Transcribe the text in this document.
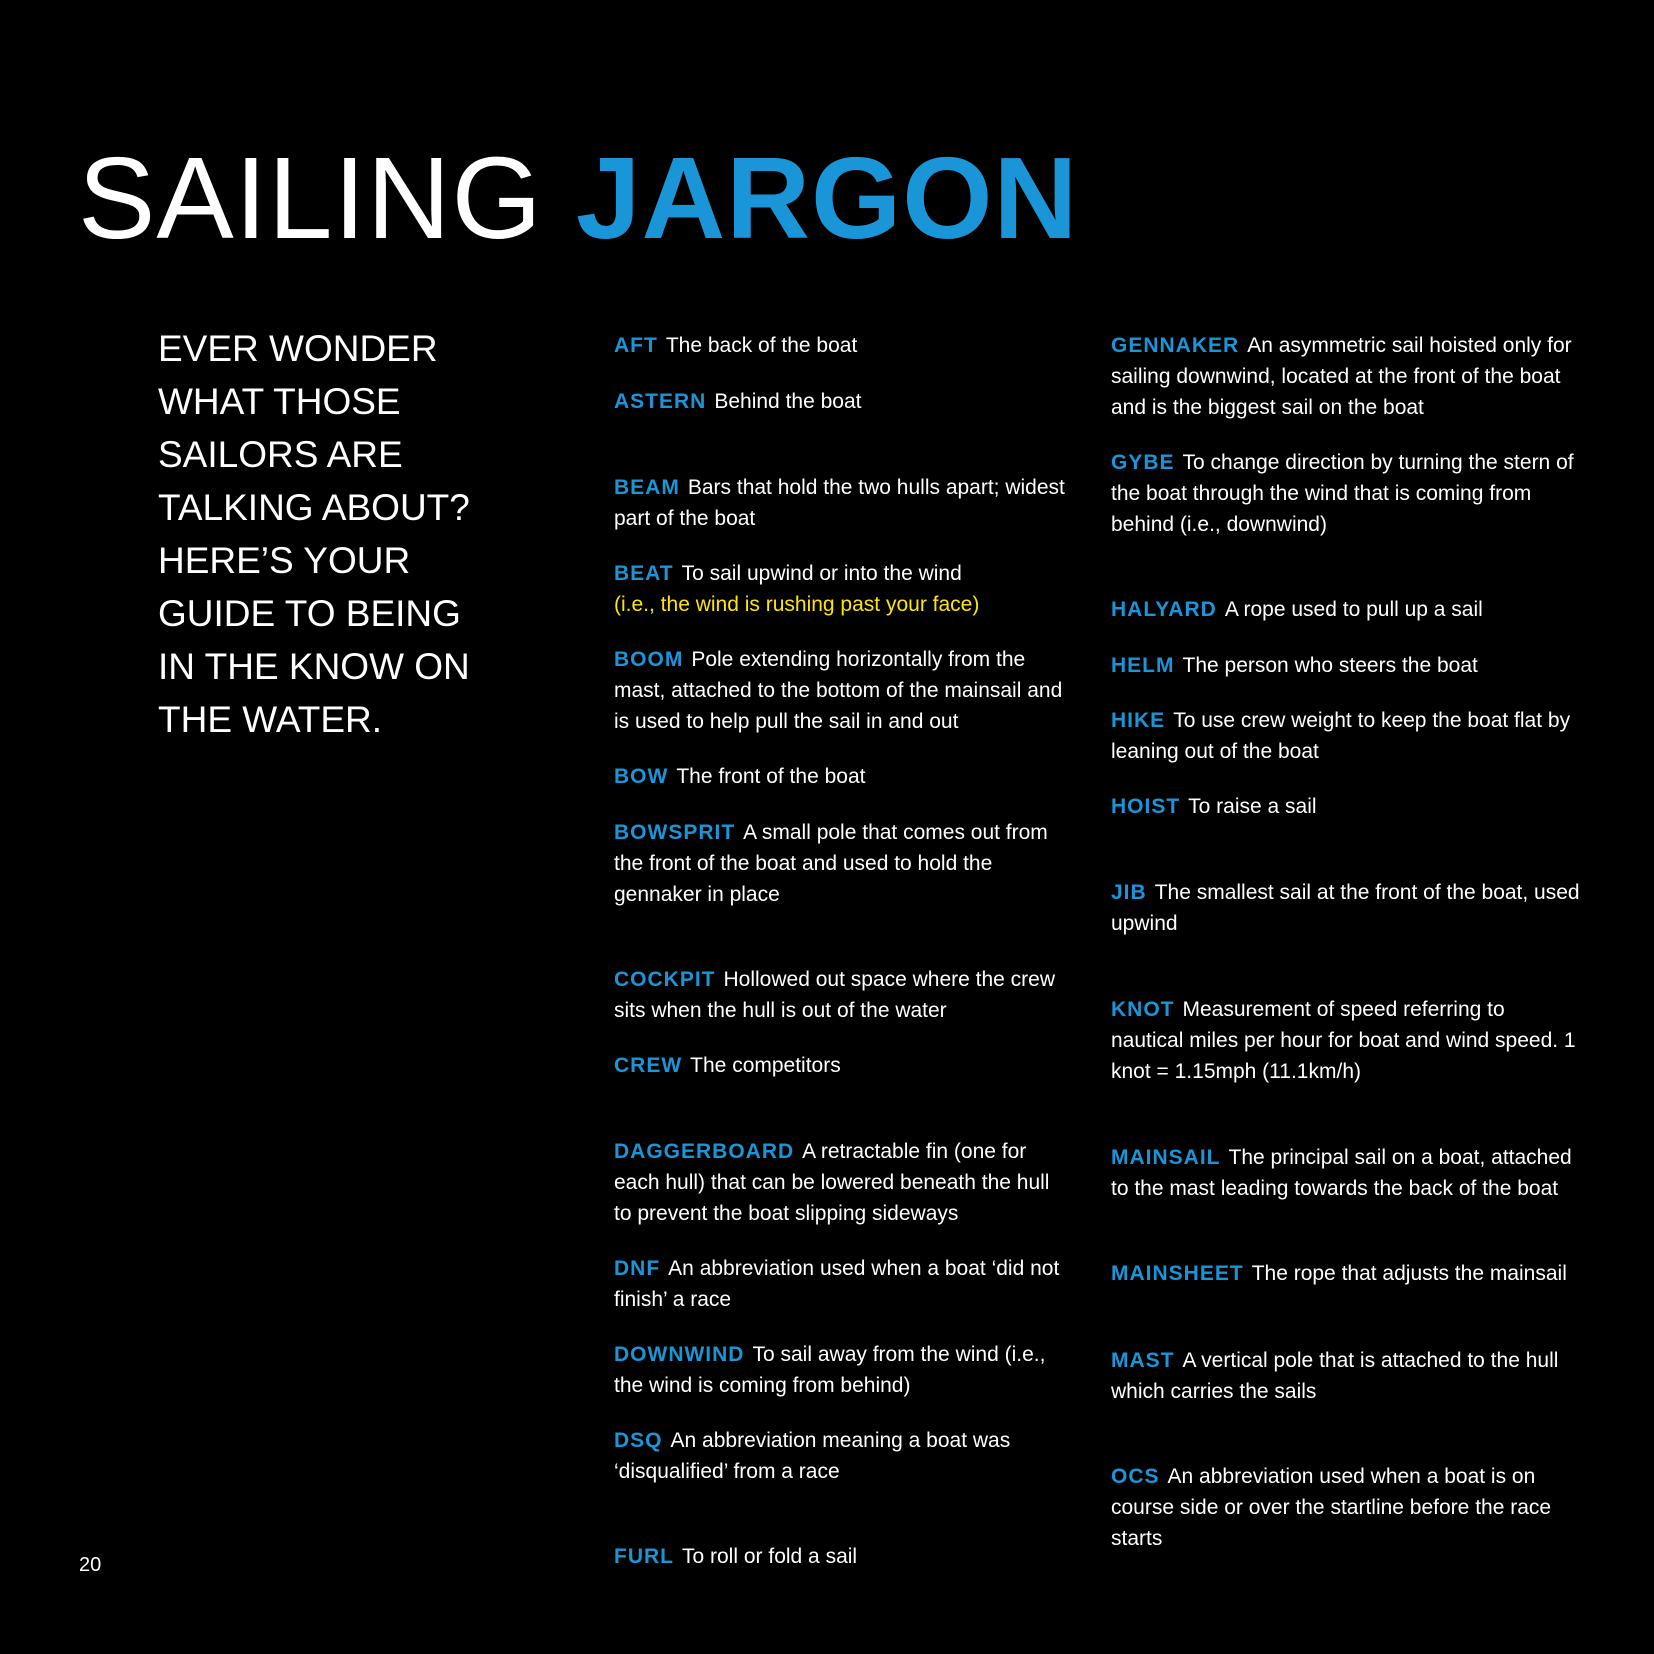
SAILING JARGON

EVER WONDER WHAT THOSE SAILORS ARE TALKING ABOUT? HERE’S YOUR GUIDE TO BEING IN THE KNOW ON THE WATER.

AFT The back of the boat
ASTERN Behind the boat
BEAM Bars that hold the two hulls apart; widest part of the boat
BEAT To sail upwind or into the wind
(i.e., the wind is rushing past your face)
BOOM Pole extending horizontally from the mast, attached to the bottom of the mainsail and is used to help pull the sail in and out
BOW The front of the boat
BOWSPRIT A small pole that comes out from the front of the boat and used to hold the gennaker in place
COCKPIT Hollowed out space where the crew sits when the hull is out of the water
CREW The competitors
DAGGERBOARD A retractable fin (one for each hull) that can be lowered beneath the hull to prevent the boat slipping sideways
DNF An abbreviation used when a boat ‘did not finish’ a race
DOWNWIND To sail away from the wind (i.e., the wind is coming from behind)
DSQ An abbreviation meaning a boat was ‘disqualified’ from a race
FURL To roll or fold a sail
GENNAKER An asymmetric sail hoisted only for sailing downwind, located at the front of the boat and is the biggest sail on the boat
GYBE To change direction by turning the stern of the boat through the wind that is coming from behind (i.e., downwind)
HALYARD A rope used to pull up a sail
HELM The person who steers the boat
HIKE To use crew weight to keep the boat flat by leaning out of the boat
HOIST To raise a sail
JIB The smallest sail at the front of the boat, used upwind
KNOT Measurement of speed referring to nautical miles per hour for boat and wind speed. 1 knot = 1.15mph (11.1km/h)
MAINSAIL The principal sail on a boat, attached to the mast leading towards the back of the boat
MAINSHEET The rope that adjusts the mainsail
MAST A vertical pole that is attached to the hull which carries the sails
OCS An abbreviation used when a boat is on course side or over the startline before the race starts
20
